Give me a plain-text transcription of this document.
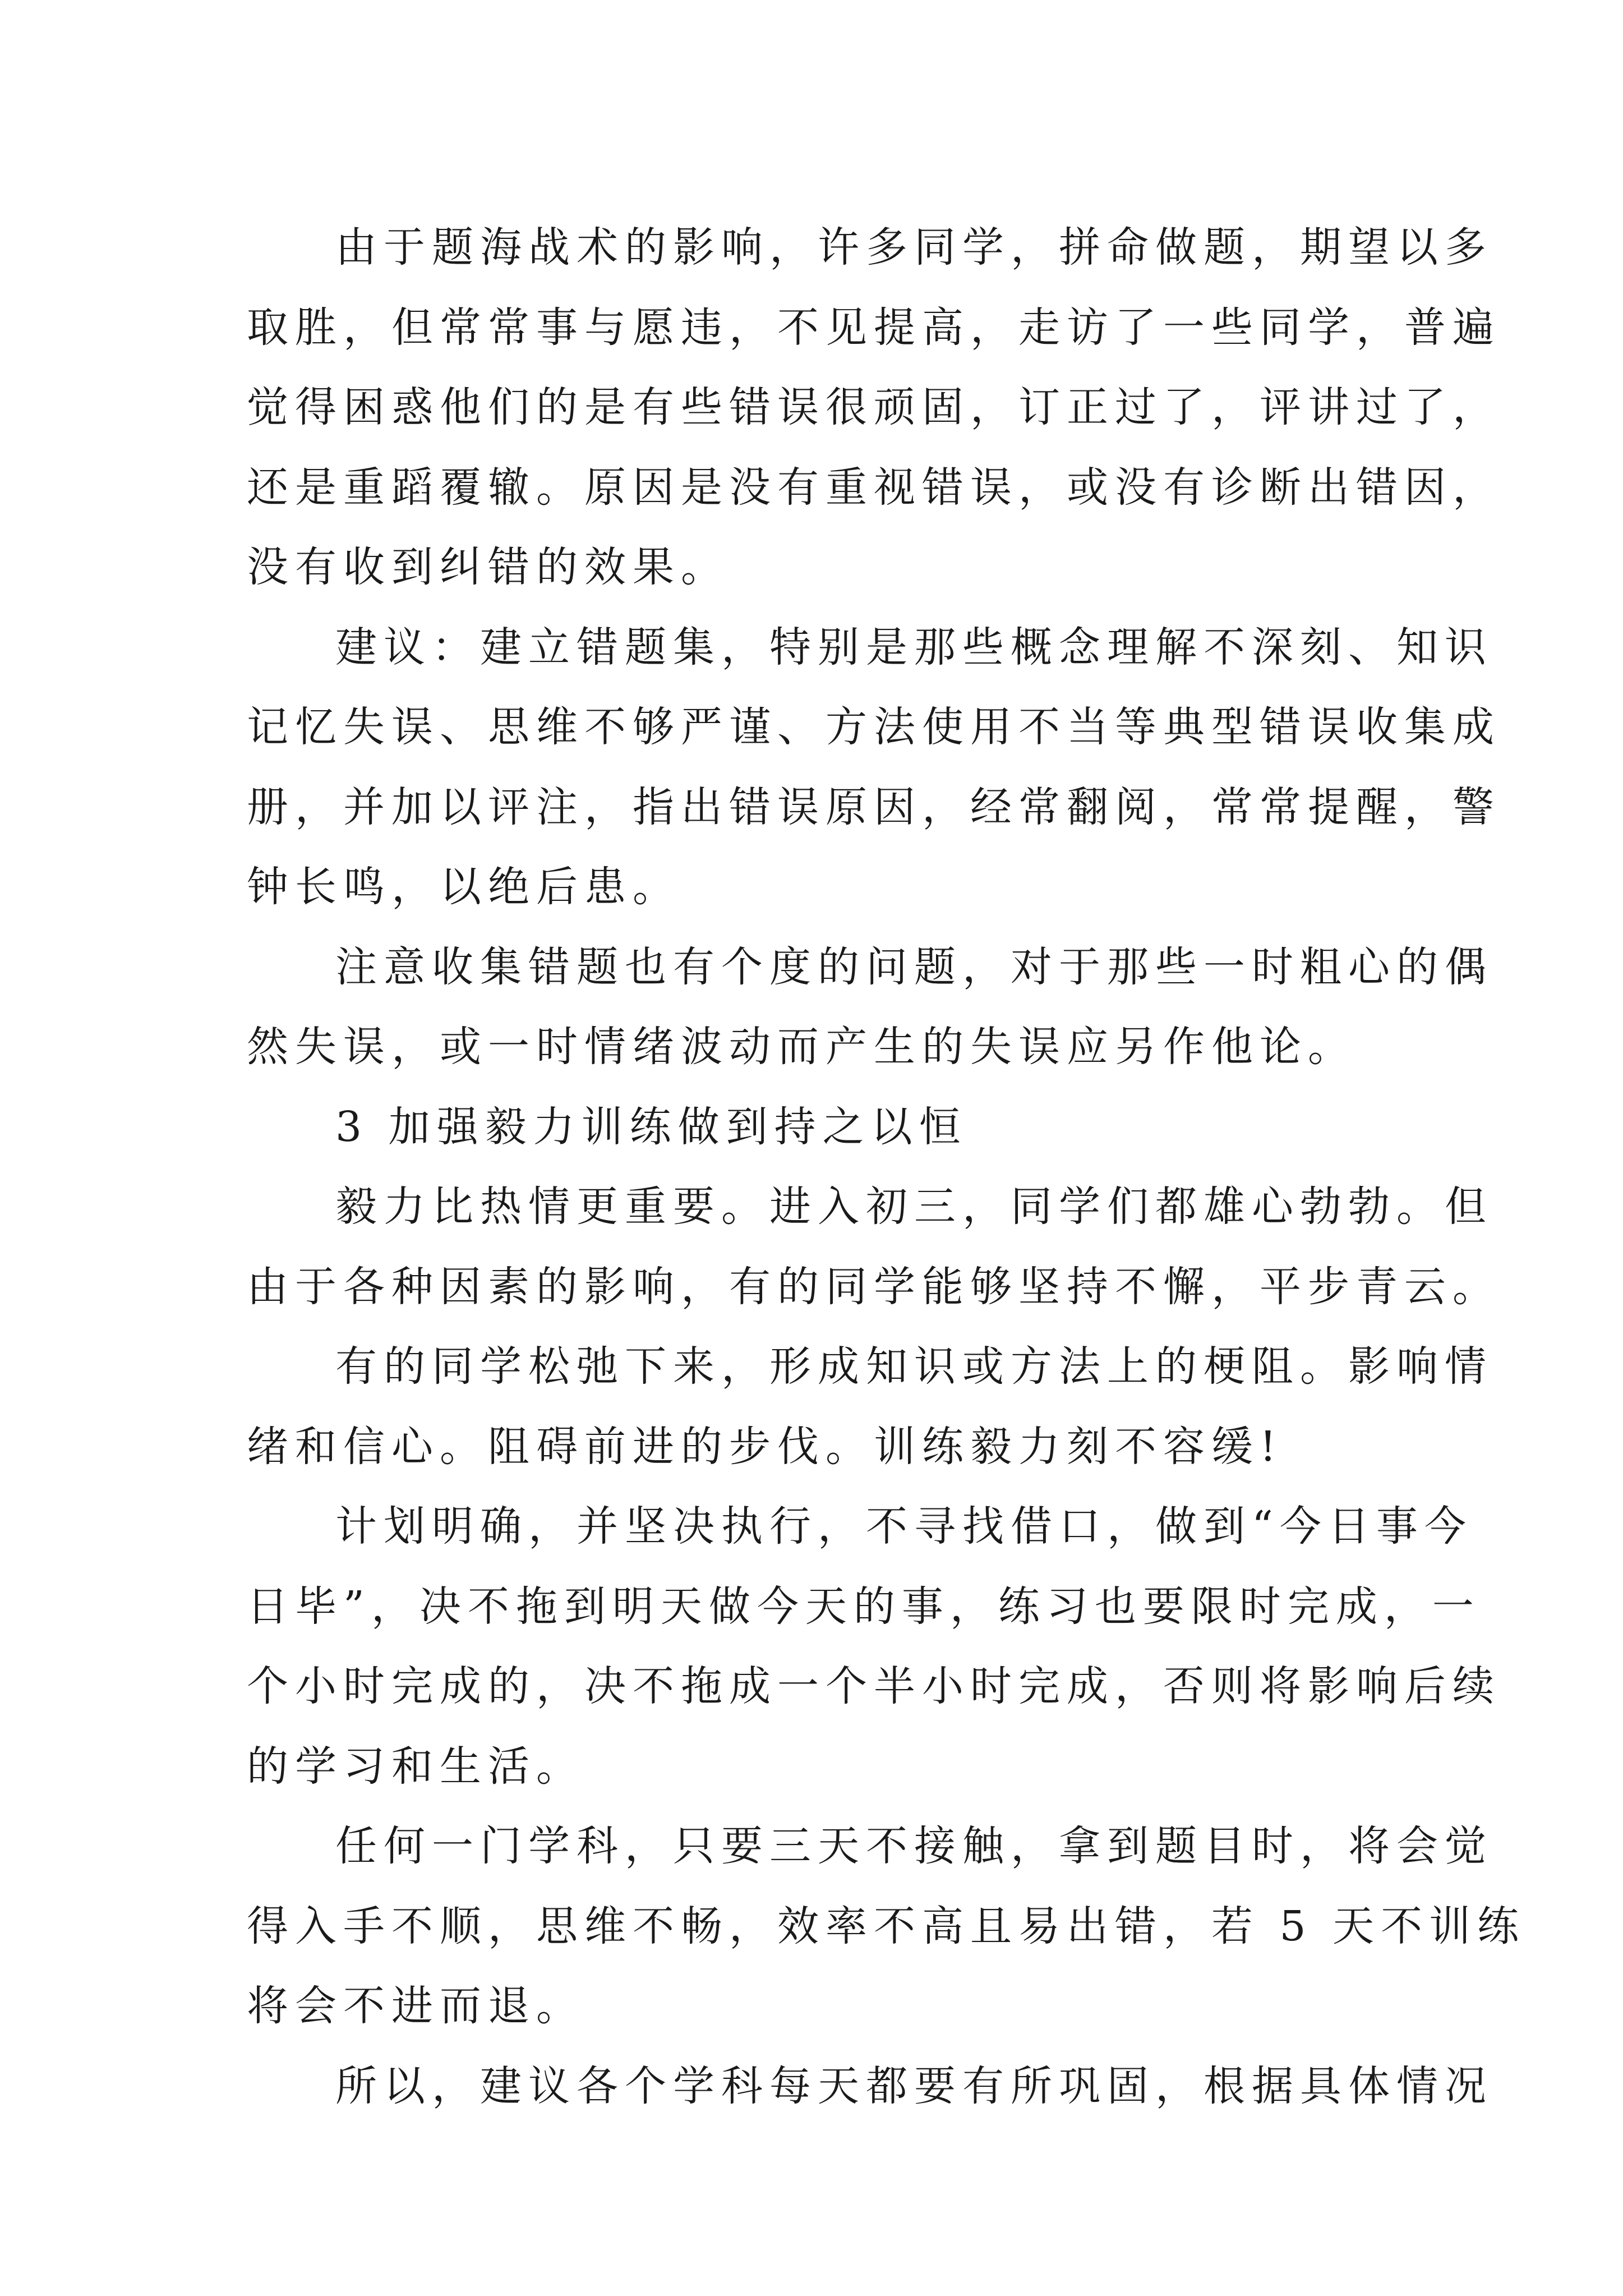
由于题海战术的影响，许多同学，拼命做题，期望以多
取胜，但常常事与愿违，不见提高，走访了一些同学，普遍
觉得困惑他们的是有些错误很顽固，订正过了，评讲过了，
还是重蹈覆辙。原因是没有重视错误，或没有诊断出错因，
没有收到纠错的效果。
建议：建立错题集，特别是那些概念理解不深刻、知识
记忆失误、思维不够严谨、方法使用不当等典型错误收集成
册，并加以评注，指出错误原因，经常翻阅，常常提醒，警
钟长鸣，以绝后患。
注意收集错题也有个度的问题，对于那些一时粗心的偶
然失误，或一时情绪波动而产生的失误应另作他论。
3 加强毅力训练做到持之以恒
毅力比热情更重要。进入初三，同学们都雄心勃勃。但
由于各种因素的影响，有的同学能够坚持不懈，平步青云。
有的同学松弛下来，形成知识或方法上的梗阻。影响情
绪和信心。阻碍前进的步伐。训练毅力刻不容缓!
计划明确，并坚决执行，不寻找借口，做到“今日事今
日毕”，决不拖到明天做今天的事，练习也要限时完成，一
个小时完成的，决不拖成一个半小时完成，否则将影响后续
的学习和生活。
任何一门学科，只要三天不接触，拿到题目时，将会觉
得入手不顺，思维不畅，效率不高且易出错，若 5 天不训练
将会不进而退。
所以，建议各个学科每天都要有所巩固，根据具体情况
